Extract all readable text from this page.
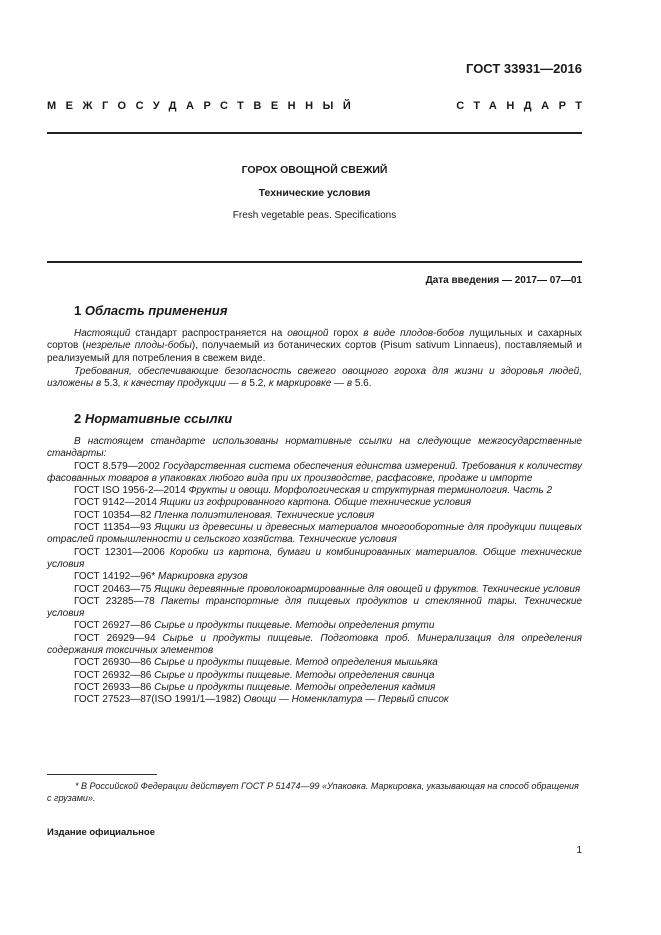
ГОСТ 33931—2016
МЕЖГОСУДАРСТВЕННЫЙ	СТАНДАРТ
ГОРОХ ОВОЩНОЙ СВЕЖИЙ
Технические условия
Fresh vegetable peas. Specifications
Дата введения — 2017— 07—01
1 Область применения

Настоящий стандарт распространяется на овощной горох в виде плодов-бобов лущильных и сахарных сортов (незрелые плоды-бобы), получаемый из ботанических сортов (Pisum sativum Linnaeus), поставляемый и реализуемый для потребления в свежем виде.

Требования, обеспечивающие безопасность свежего овощного гороха для жизни и здоровья людей, изложены в 5.3, к качеству продукции — в 5.2, к маркировке — в 5.6.

2 Нормативные ссылки

В настоящем стандарте использованы нормативные ссылки на следующие межгосударственные стандарты:

ГОСТ 8.579—2002 Государственная система обеспечения единства измерений. Требования к количеству фасованных товаров в упаковках любого вида при их производстве, расфасовке, продаже и импорте

ГОСТ ISO 1956-2—2014 Фрукты и овощи. Морфологическая и структурная терминология. Часть 2

ГОСТ 9142—2014 Ящики из гофрированного картона. Общие технические условия

ГОСТ 10354—82 Пленка полиэтиленовая. Технические условия

ГОСТ 11354—93 Ящики из древесины и древесных материалов многооборотные для продукции пищевых отраслей промышленности и сельского хозяйства. Технические условия

ГОСТ 12301—2006 Коробки из картона, бумаги и комбинированных материалов. Общие технические условия

ГОСТ 14192—96* Маркировка грузов

ГОСТ 20463—75 Ящики деревянные проволокоармированные для овощей и фруктов. Технические условия

ГОСТ 23285—78 Пакеты транспортные для пищевых продуктов и стеклянной тары. Технические условия

ГОСТ 26927—86 Сырье и продукты пищевые. Методы определения ртути

ГОСТ 26929—94 Сырье и продукты пищевые. Подготовка проб. Минерализация для определения содержания токсичных элементов

ГОСТ 26930—86 Сырье и продукты пищевые. Метод определения мышьяка

ГОСТ 26932—86 Сырье и продукты пищевые. Методы определения свинца

ГОСТ 26933—86 Сырье и продукты пищевые. Методы определения кадмия

ГОСТ 27523—87(ISO 1991/1—1982) Овощи — Номенклатура — Первый список

* В Российской Федерации действует ГОСТ Р 51474—99 «Упаковка. Маркировка, указывающая на способ обращения с грузами».

Издание официальное
1
